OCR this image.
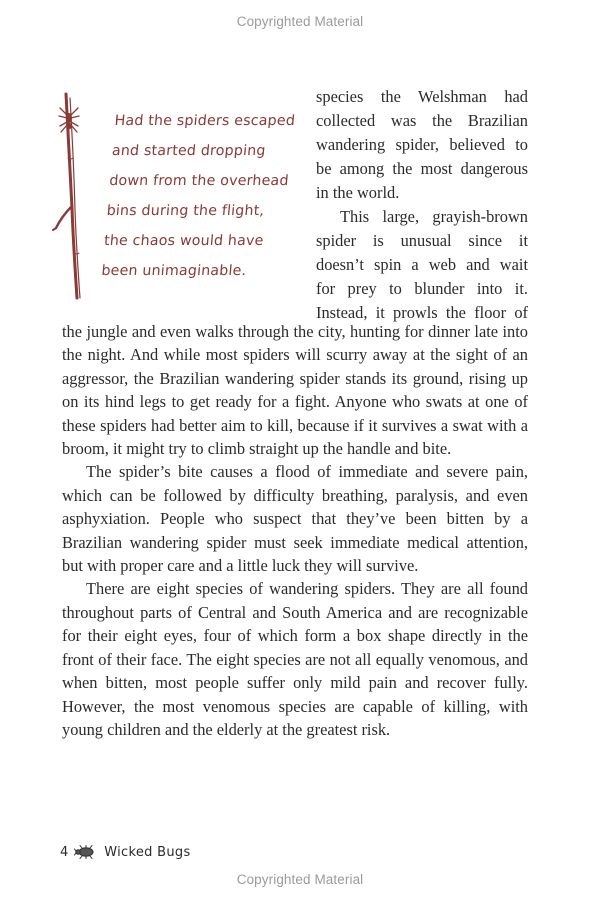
Copyrighted Material
Had the spiders escaped
and started dropping
down from the overhead
bins during the flight,
the chaos would have
been unimaginable.
species the Welshman had
collected was the Brazilian
wandering spider, believed to
be among the most dangerous
in the world.
This large, grayish-brown
spider is unusual since it
doesn’t spin a web and wait
for prey to blunder into it.
Instead, it prowls the floor of

the jungle and even walks through the city, hunting for dinner late into the night. And while most spiders will scurry away at the sight of an aggressor, the Brazilian wandering spider stands its ground, rising up on its hind legs to get ready for a fight. Anyone who swats at one of these spiders had better aim to kill, because if it survives a swat with a broom, it might try to climb straight up the handle and bite.

The spider’s bite causes a flood of immediate and severe pain, which can be followed by difficulty breathing, paralysis, and even asphyxiation. People who suspect that they’ve been bitten by a Brazilian wandering spider must seek immediate medical attention, but with proper care and a little luck they will survive.

There are eight species of wandering spiders. They are all found throughout parts of Central and South America and are recognizable for their eight eyes, four of which form a box shape directly in the front of their face. The eight species are not all equally venomous, and when bitten, most people suffer only mild pain and recover fully. However, the most venomous species are capable of killing, with young children and the elderly at the greatest risk.

4	Wicked Bugs
Copyrighted Material
